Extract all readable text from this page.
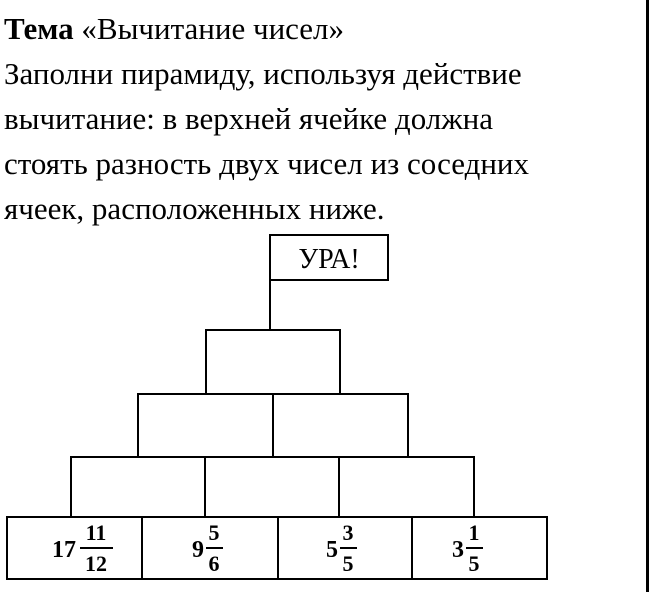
Тема «Вычитание чисел»

Заполни пирамиду, используя действие

вычитание: в верхней ячейке должна

стоять разность двух чисел из соседних

ячеек, расположенных ниже.

УРА!
17
11
12
9
5
6
5
3
5
3
1
5
